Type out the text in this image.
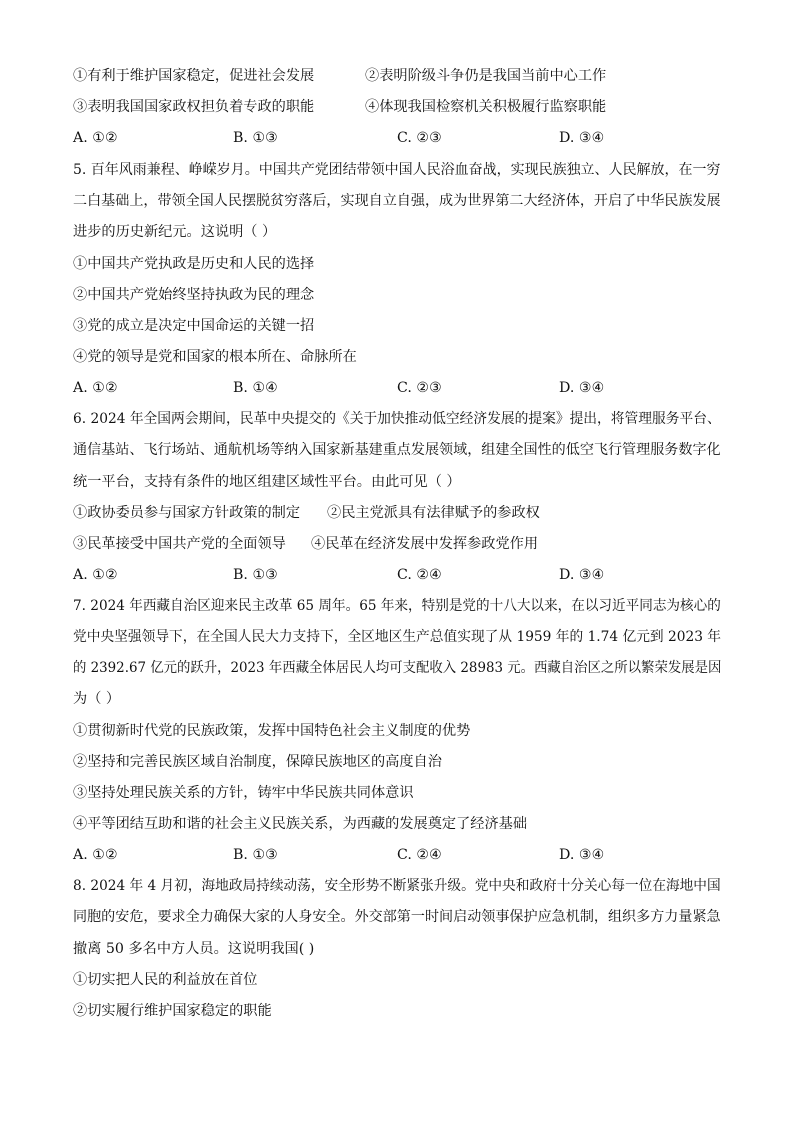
①有利于维护国家稳定，促进社会发展	②表明阶级斗争仍是我国当前中心工作
③表明我国国家政权担负着专政的职能	④体现我国检察机关积极履行监察职能
A. ①②	B. ①③	C. ②③	D. ③④
5. 百年风雨兼程、峥嵘岁月。中国共产党团结带领中国人民浴血奋战，实现民族独立、人民解放，在一穷
二白基础上，带领全国人民摆脱贫穷落后，实现自立自强，成为世界第二大经济体，开启了中华民族发展
进步的历史新纪元。这说明（ ）
①中国共产党执政是历史和人民的选择
②中国共产党始终坚持执政为民的理念
③党的成立是决定中国命运的关键一招
④党的领导是党和国家的根本所在、命脉所在
A. ①②	B. ①④	C. ②③	D. ③④
6. 2024 年全国两会期间，民革中央提交的《关于加快推动低空经济发展的提案》提出，将管理服务平台、
通信基站、飞行场站、通航机场等纳入国家新基建重点发展领域，组建全国性的低空飞行管理服务数字化
统一平台，支持有条件的地区组建区域性平台。由此可见（ ）
①政协委员参与国家方针政策的制定 ②民主党派具有法律赋予的参政权
③民革接受中国共产党的全面领导 ④民革在经济发展中发挥参政党作用
A. ①②	B. ①③	C. ②④	D. ③④
7. 2024 年西藏自治区迎来民主改革 65 周年。65 年来，特别是党的十八大以来，在以习近平同志为核心的
党中央坚强领导下，在全国人民大力支持下，全区地区生产总值实现了从 1959 年的 1.74 亿元到 2023 年
的 2392.67 亿元的跃升，2023 年西藏全体居民人均可支配收入 28983 元。西藏自治区之所以繁荣发展是因
为（ ）
①贯彻新时代党的民族政策，发挥中国特色社会主义制度的优势
②坚持和完善民族区域自治制度，保障民族地区的高度自治
③坚持处理民族关系的方针，铸牢中华民族共同体意识
④平等团结互助和谐的社会主义民族关系，为西藏的发展奠定了经济基础
A. ①②	B. ①③	C. ②④	D. ③④
8. 2024 年 4 月初，海地政局持续动荡，安全形势不断紧张升级。党中央和政府十分关心每一位在海地中国
同胞的安危，要求全力确保大家的人身安全。外交部第一时间启动领事保护应急机制，组织多方力量紧急
撤离 50 多名中方人员。这说明我国( )
①切实把人民的利益放在首位
②切实履行维护国家稳定的职能
